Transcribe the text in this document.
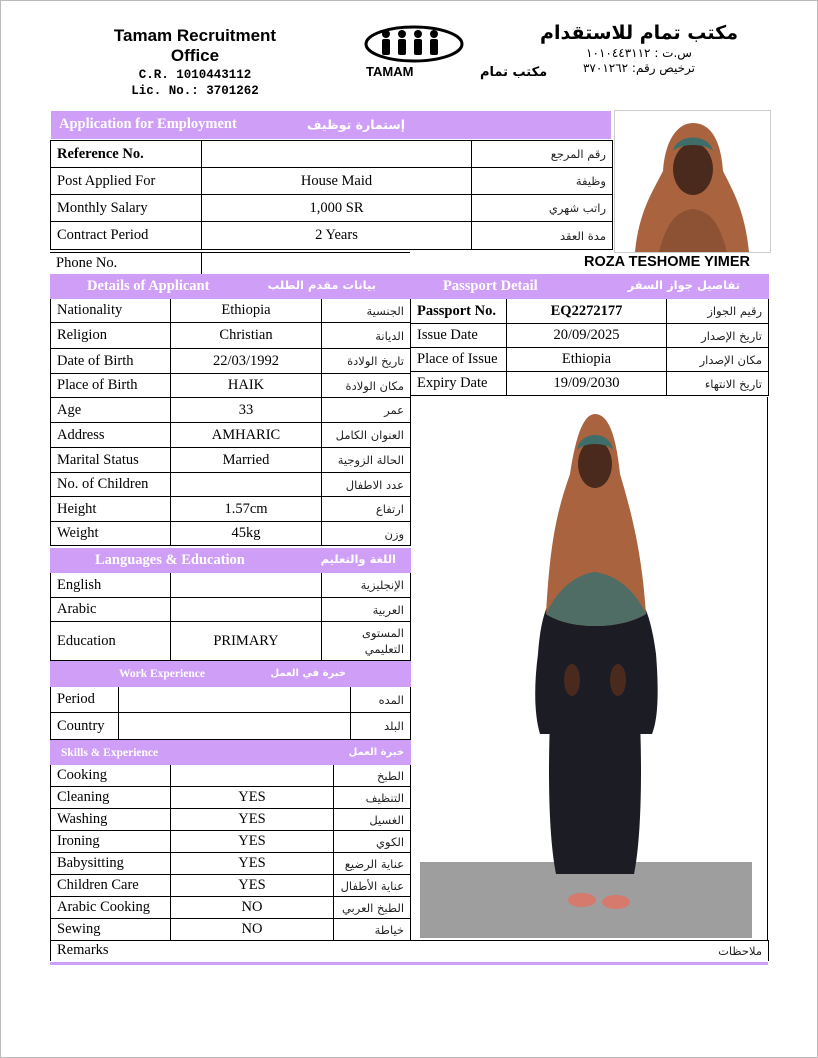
Tamam Recruitment Office
C.R. 1010443112
Lic. No.: 3701262
TAMAM	مكتب تمام
مكتب تمام للاستقدام
س.ت : ١٠١٠٤٤٣١١٢
ترخيص رقم: ٣٧٠١٢٦٢
Application for Employment	إستمارة توظيف
Reference No.		رقم المرجع
Post Applied For	House Maid	وظيفة
Monthly Salary	1,000 SR	راتب شهري
Contract Period	2 Years	مدة العقد
Phone No.		ROZA TESHOME YIMER
Details of Applicant بيانات مقدم الطلب		

Nationality	Ethiopia	الجنسية
Religion	Christian	الديانة
Date of Birth	22/03/1992	تاريخ الولادة
Place of Birth	HAIK	مكان الولادة
Age	33	عمر
Address	AMHARIC	العنوان الكامل
Marital Status	Married	الحالة الزوجية
No. of Children		عدد الاطفال
Height	1.57cm	ارتفاع
Weight	45kg	وزن
Passport Detail تفاصيل جواز السفر		

Passport No.	EQ2272177	رقيم الجواز
Issue Date	20/09/2025	تاريخ الإصدار
Place of Issue	Ethiopia	مكان الإصدار
Expiry Date	19/09/2030	تاريخ الانتهاء
Languages & Education اللغة والتعليم		

English		الإنجليزية
Arabic		العربية
Education	PRIMARY	المستوى التعليمي
Work Experience خبرة في العمل		

Period		المده
Country		البلد
Skills & Experience خبرة العمل		

Cooking		الطبخ
Cleaning	YES	التنظيف
Washing	YES	الغسيل
Ironing	YES	الكوي
Babysitting	YES	عناية الرضيع
Children Care	YES	عناية الأطفال
Arabic Cooking	NO	الطبخ العربي
Sewing	NO	خياطة
Remarks	ملاحظات
